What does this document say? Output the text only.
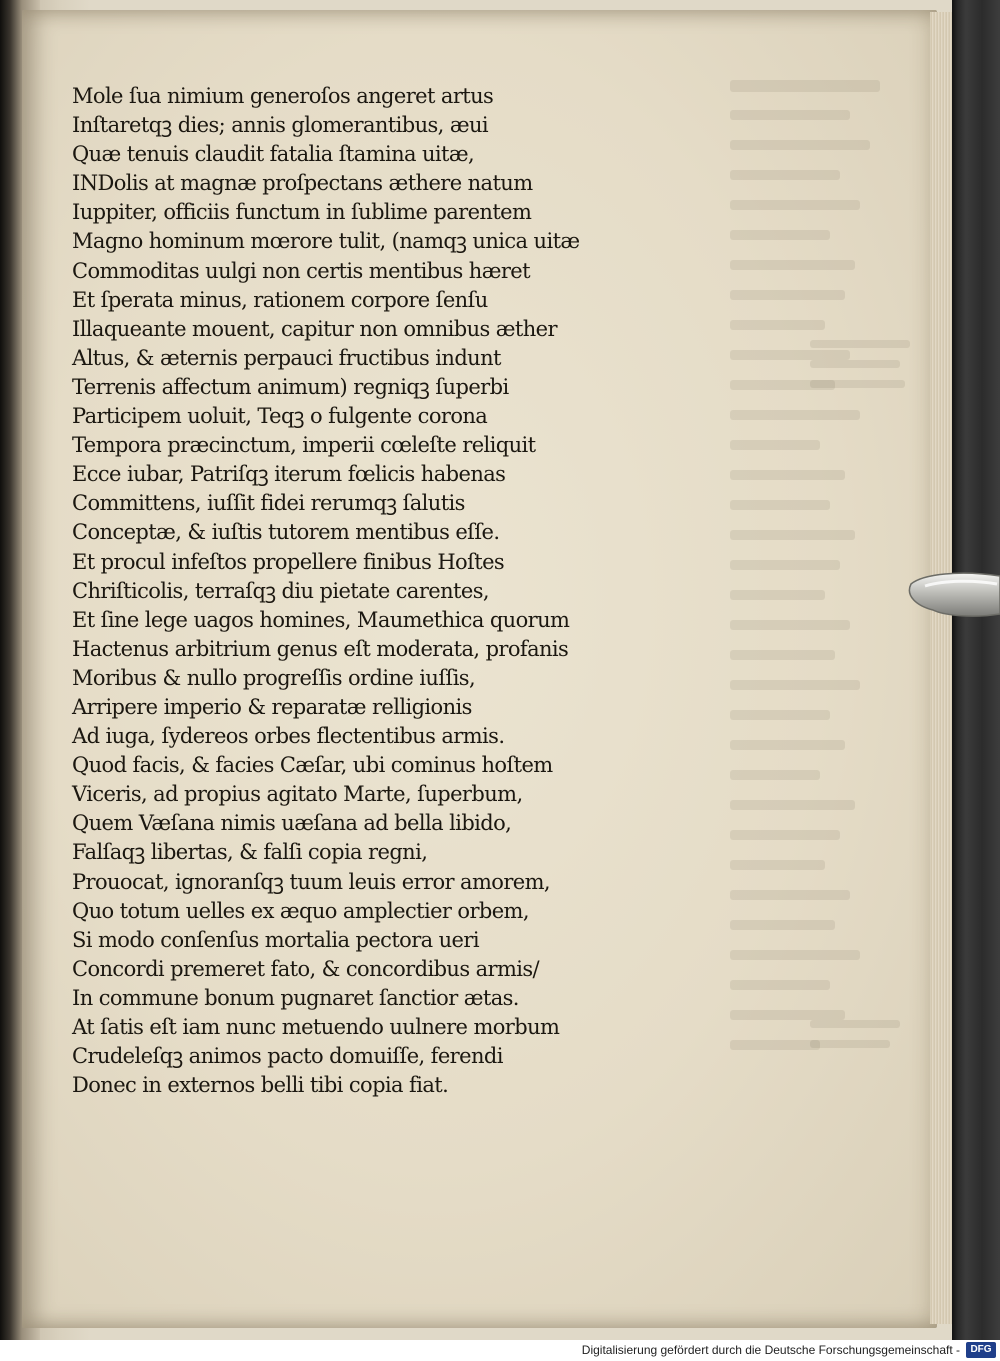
Mole ſua nimium generoſos angeret artus
Inſtaretqꝫ dies; annis glomerantibus, æui
Quæ tenuis claudit fatalia ſtamina uitæ,
INDolis at magnæ proſpectans æthere natum
Iuppiter, officiis functum in ſublime parentem
Magno hominum mœrore tulit, (namqꝫ unica uitæ
Commoditas uulgi non certis mentibus hæret
Et ſperata minus, rationem corpore ſenſu
Illaqueante mouent, capitur non omnibus æther
Altus, & æternis perpauci fructibus indunt
Terrenis affectum animum) regniqꝫ ſuperbi
Participem uoluit, Teqꝫ o fulgente corona
Tempora præcinctum, imperii cœleſte reliquit
Ecce iubar, Patriſqꝫ iterum fœlicis habenas
Committens, iuſſit fidei rerumqꝫ ſalutis
Conceptæ, & iuſtis tutorem mentibus eſſe.
Et procul infeſtos propellere finibus Hoſtes
Chriſticolis, terraſqꝫ diu pietate carentes,
Et ſine lege uagos homines, Maumethica quorum
Hactenus arbitrium genus eſt moderata, profanis
Moribus & nullo progreſſis ordine iuſſis,
Arripere imperio & reparatæ relligionis
Ad iuga, ſydereos orbes flectentibus armis.
Quod facis, & facies Cæſar, ubi cominus hoſtem
Viceris, ad propius agitato Marte, ſuperbum,
Quem Væſana nimis uæſana ad bella libido,
Falſaqꝫ libertas, & falſi copia regni,
Prouocat, ignoranſqꝫ tuum leuis error amorem,
Quo totum uelles ex æquo amplectier orbem,
Si modo conſenſus mortalia pectora ueri
Concordi premeret fato, & concordibus armis/
In commune bonum pugnaret ſanctior ætas.
At ſatis eſt iam nunc metuendo uulnere morbum
Crudeleſqꝫ animos pacto domuiſſe, ferendi
Donec in externos belli tibi copia fiat.
Digitalisierung gefördert durch die Deutsche Forschungsgemeinschaft -	DFG
